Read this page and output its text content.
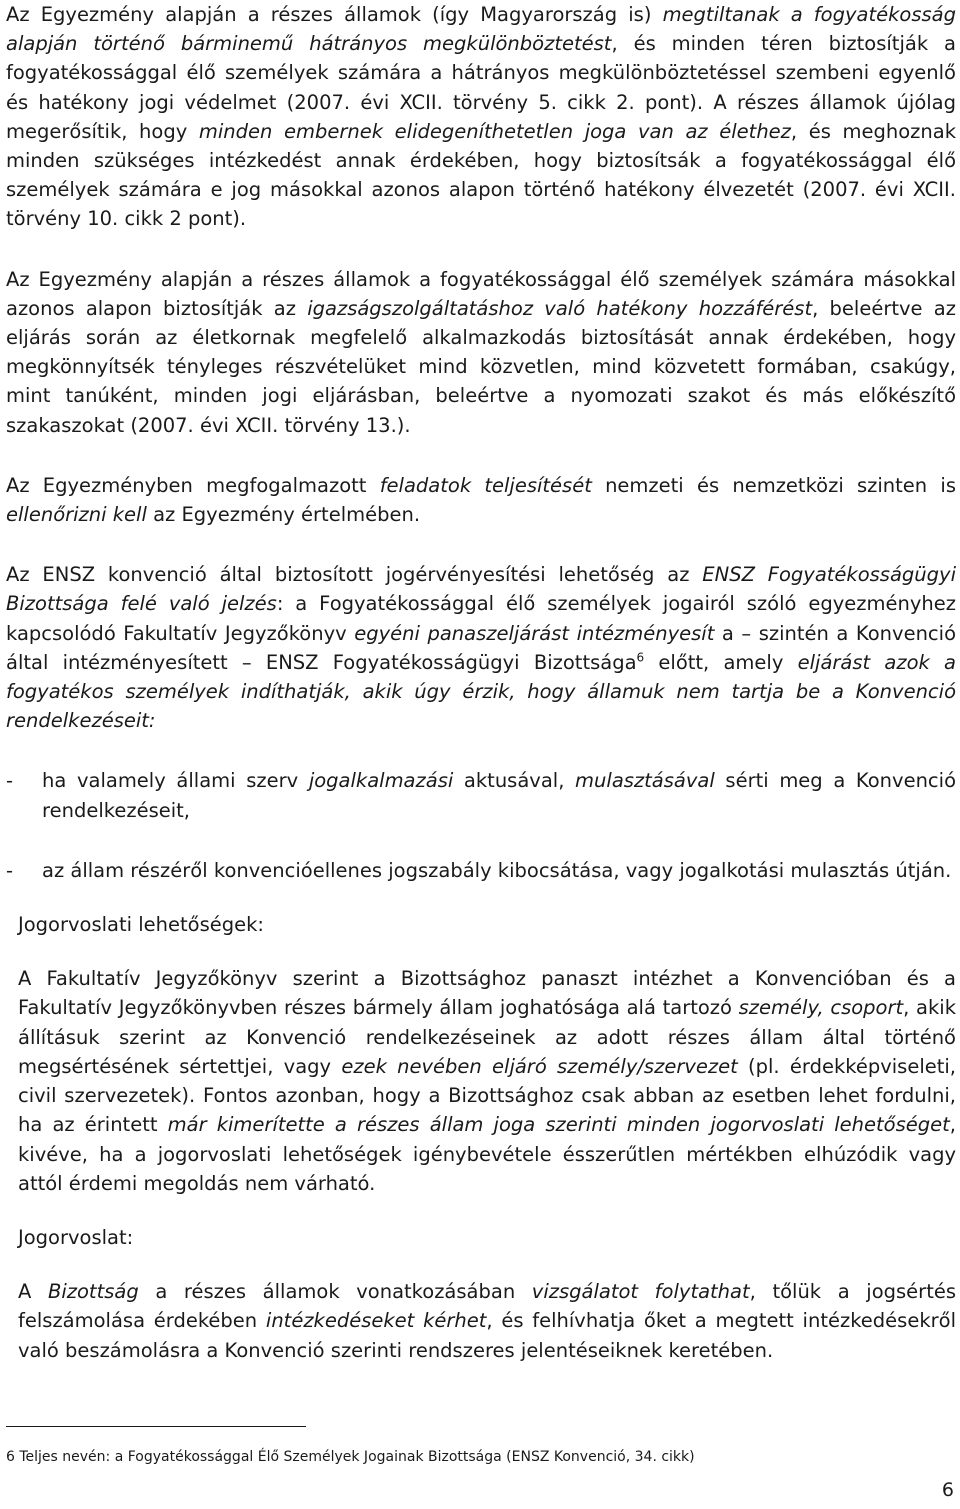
Az Egyezmény alapján a részes államok (így Magyarország is) megtiltanak a fogyatékosság alapján történő bárminemű hátrányos megkülönböztetést, és minden téren biztosítják a fogyatékossággal élő személyek számára a hátrányos megkülönböztetéssel szembeni egyenlő és hatékony jogi védelmet (2007. évi XCII. törvény 5. cikk 2. pont). A részes államok újólag megerősítik, hogy minden embernek elidegeníthetetlen joga van az élethez, és meghoznak minden szükséges intézkedést annak érdekében, hogy biztosítsák a fogyatékossággal élő személyek számára e jog másokkal azonos alapon történő hatékony élvezetét (2007. évi XCII. törvény 10. cikk 2 pont).

Az Egyezmény alapján a részes államok a fogyatékossággal élő személyek számára másokkal azonos alapon biztosítják az igazságszolgáltatáshoz való hatékony hozzáférést, beleértve az eljárás során az életkornak megfelelő alkalmazkodás biztosítását annak érdekében, hogy megkönnyítsék tényleges részvételüket mind közvetlen, mind közvetett formában, csakúgy, mint tanúként, minden jogi eljárásban, beleértve a nyomozati szakot és más előkészítő szakaszokat (2007. évi XCII. törvény 13.).

Az Egyezményben megfogalmazott feladatok teljesítését nemzeti és nemzetközi szinten is ellenőrizni kell az Egyezmény értelmében.

Az ENSZ konvenció által biztosított jogérvényesítési lehetőség az ENSZ Fogyatékosságügyi Bizottsága felé való jelzés: a Fogyatékossággal élő személyek jogairól szóló egyezményhez kapcsolódó Fakultatív Jegyzőkönyv egyéni panaszeljárást intézményesít a – szintén a Konvenció által intézményesített – ENSZ Fogyatékosságügyi Bizottsága$^6$ előtt, amely eljárást azok a fogyatékos személyek indíthatják, akik úgy érzik, hogy államuk nem tartja be a Konvenció rendelkezéseit:

-	ha valamely állami szerv jogalkalmazási aktusával, mulasztásával sérti meg a Konvenció rendelkezéseit,
-	az állam részéről konvencióellenes jogszabály kibocsátása, vagy jogalkotási mulasztás útján.

Jogorvoslati lehetőségek:

A Fakultatív Jegyzőkönyv szerint a Bizottsághoz panaszt intézhet a Konvencióban és a Fakultatív Jegyzőkönyvben részes bármely állam joghatósága alá tartozó személy, csoport, akik állításuk szerint az Konvenció rendelkezéseinek az adott részes állam által történő megsértésének sértettjei, vagy ezek nevében eljáró személy/szervezet (pl. érdekképviseleti, civil szervezetek). Fontos azonban, hogy a Bizottsághoz csak abban az esetben lehet fordulni, ha az érintett már kimerítette a részes állam joga szerinti minden jogorvoslati lehetőséget, kivéve, ha a jogorvoslati lehetőségek igénybevétele ésszerűtlen mértékben elhúzódik vagy attól érdemi megoldás nem várható.

Jogorvoslat:

A Bizottság a részes államok vonatkozásában vizsgálatot folytathat, tőlük a jogsértés felszámolása érdekében intézkedéseket kérhet, és felhívhatja őket a megtett intézkedésekről való beszámolásra a Konvenció szerinti rendszeres jelentéseiknek keretében.

6 Teljes nevén: a Fogyatékossággal Élő Személyek Jogainak Bizottsága (ENSZ Konvenció, 34. cikk)

6
